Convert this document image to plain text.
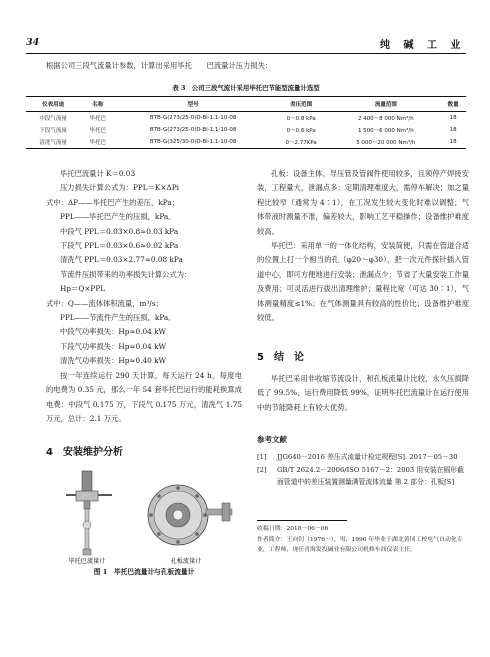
34	纯 碱 工 业
根据公司三段气流量计参数，计算出采用毕托　　巴流量计压力损失：
表 3　公司三段气流计采用毕托巴节能型流量计选型
仪表用途	名称	型号	差压范围	流量范围	数量
中段气流量	毕托巴	BTB-G(273/25-0)D-Bi-1.1-10-08	0～0.8 kPa	2 400～8 000 Nm³/h	18
下段气流量	毕托巴	BTB-G(273/25-0)D-Bi-1.1-10-08	0～0.6 kPa	1 500～6 000 Nm³/h	18
清洗气流量	毕托巴	BTB-G(325/30-0)D-Bi-1.1-10-08	0～2.77KPa	5 000～20 000 Nm³/h	18
毕托巴流量计 K＝0.03
压力损失计算公式为：PPL＝K×ΔPi
式中：ΔP——毕托巴产生的差压，kPa；
PPL——毕托巴产生的压损，kPa。
中段气 PPL＝0.03×0.8≈0.03 kPa
下段气 PPL＝0.03×0.6≈0.02 kPa
清洗气 PPL＝0.03×2.77≈0.08 kPa
节流件压损带来的功率损失计算公式为：
Hp＝Q×PPL
式中：Q——流体体积流量，m³/s；
PPL——节流件产生的压损，kPa。
中段气功率损失：Hp≈0.04 kW
下段气功率损失：Hp≈0.04 kW
清洗气功率损失：Hp≈0.40 kW
按一年连续运行 290 天计算，每天运行 24 h，每度电的电费为 0.35 元，那么一年 54 套毕托巴运行的能耗换算成电费：中段气 0.175 万，下段气 0.175 万元，清洗气 1.75 万元，总计：2.1 万元。
4　安装维护分析
毕托巴流量计	孔板流量计
图 1　毕托巴流量计与孔板流量计
孔板：设备主体、导压管及管阀件使用较多，且须停产焊接安装，工程量大，泄漏点多；定期清理难度大，需停车解决；加之量程比较窄（通常为 4∶1），在工况发生较大变化时难以调整；气体带液时测量不准，偏差较大，影响工艺平稳操作；设备维护难度较高。
毕托巴：采用单一的一体化结构，安装简便，只需在管道合适的位置上打一个相当的孔（φ20～φ30），把一次元件探针插入管道中心，即可方便地进行安装；泄漏点少；节省了大量安装工作量及费用；可灵活进行拔出清理维护；量程比宽（可达 30∶1），气体测量精度≤1%；在气体测量具有较高的性价比；设备维护难度较低。
5　结　论
毕托巴采用非收缩节流设计，和孔板流量计比较，永久压损降低了 99.5%，运行费用降低 99%，证明毕托巴流量计在运行使用中的节能降耗上有较大优势。
参考文献
[1]	JJG640－2016 差压式流量计检定规程[S]. 2017－05－30
[2]	GB/T 2624.2－2006/ISO 5167－2：2003 用安装在圆形截面管道中的差压装置测量满管流体流量 第 2 部分：孔板[S]
收稿日期：2018－06－06
作者简介：王向钊（1976－），男，1996 年毕业于湖北黄冈工校电气自动化专业，工程师，现任青海发投碱业有限公司机修车间仪表主任。
